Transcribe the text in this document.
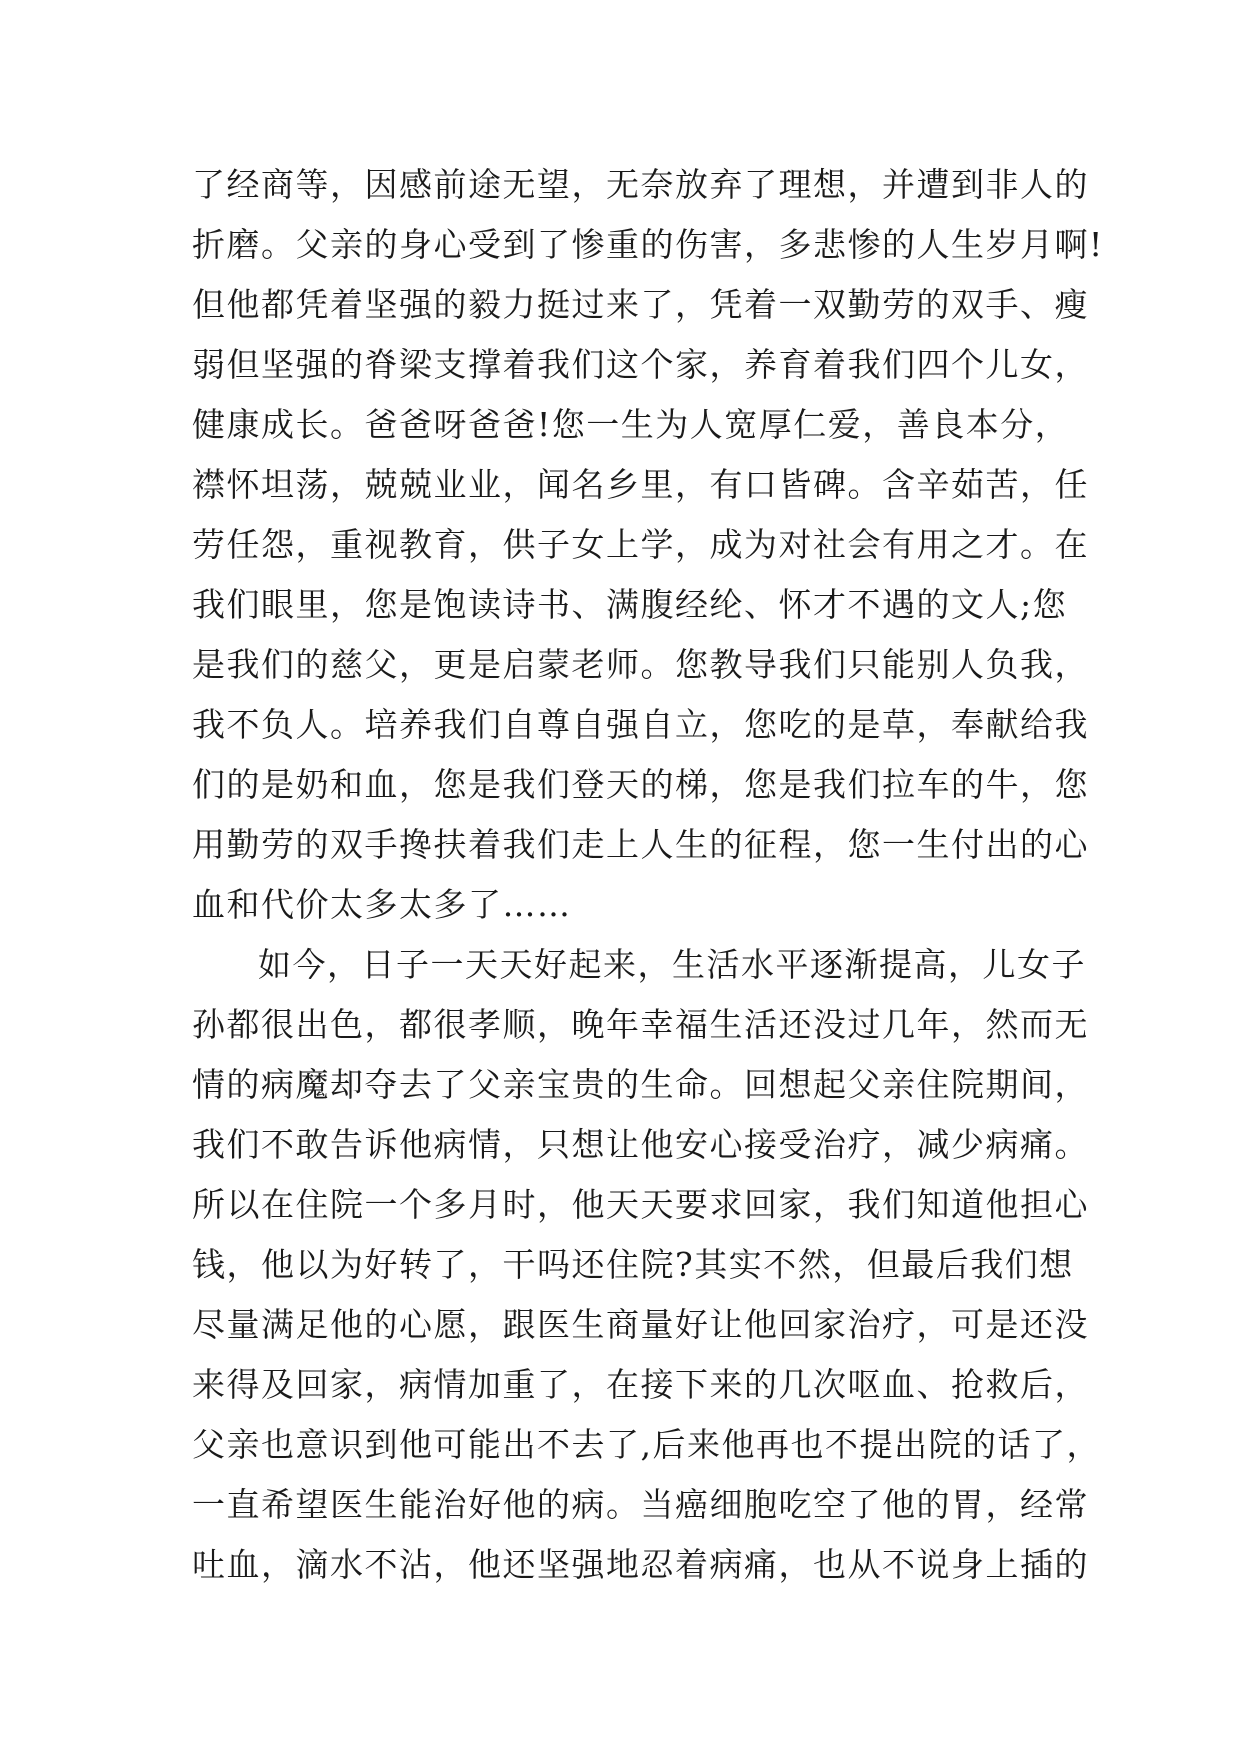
了经商等，因感前途无望，无奈放弃了理想，并遭到非人的
折磨。父亲的身心受到了惨重的伤害，多悲惨的人生岁月啊!
但他都凭着坚强的毅力挺过来了，凭着一双勤劳的双手、瘦
弱但坚强的脊梁支撑着我们这个家，养育着我们四个儿女，
健康成长。爸爸呀爸爸!您一生为人宽厚仁爱，善良本分，
襟怀坦荡，兢兢业业，闻名乡里，有口皆碑。含辛茹苦，任
劳任怨，重视教育，供子女上学，成为对社会有用之才。在
我们眼里，您是饱读诗书、满腹经纶、怀才不遇的文人;您
是我们的慈父，更是启蒙老师。您教导我们只能别人负我，
我不负人。培养我们自尊自强自立，您吃的是草，奉献给我
们的是奶和血，您是我们登天的梯，您是我们拉车的牛，您
用勤劳的双手搀扶着我们走上人生的征程，您一生付出的心
血和代价太多太多了……
如今，日子一天天好起来，生活水平逐渐提高，儿女子
孙都很出色，都很孝顺，晚年幸福生活还没过几年，然而无
情的病魔却夺去了父亲宝贵的生命。回想起父亲住院期间，
我们不敢告诉他病情，只想让他安心接受治疗，减少病痛。
所以在住院一个多月时，他天天要求回家，我们知道他担心
钱，他以为好转了，干吗还住院?其实不然，但最后我们想
尽量满足他的心愿，跟医生商量好让他回家治疗，可是还没
来得及回家，病情加重了，在接下来的几次呕血、抢救后，
父亲也意识到他可能出不去了,后来他再也不提出院的话了，
一直希望医生能治好他的病。当癌细胞吃空了他的胃，经常
吐血，滴水不沾，他还坚强地忍着病痛，也从不说身上插的
